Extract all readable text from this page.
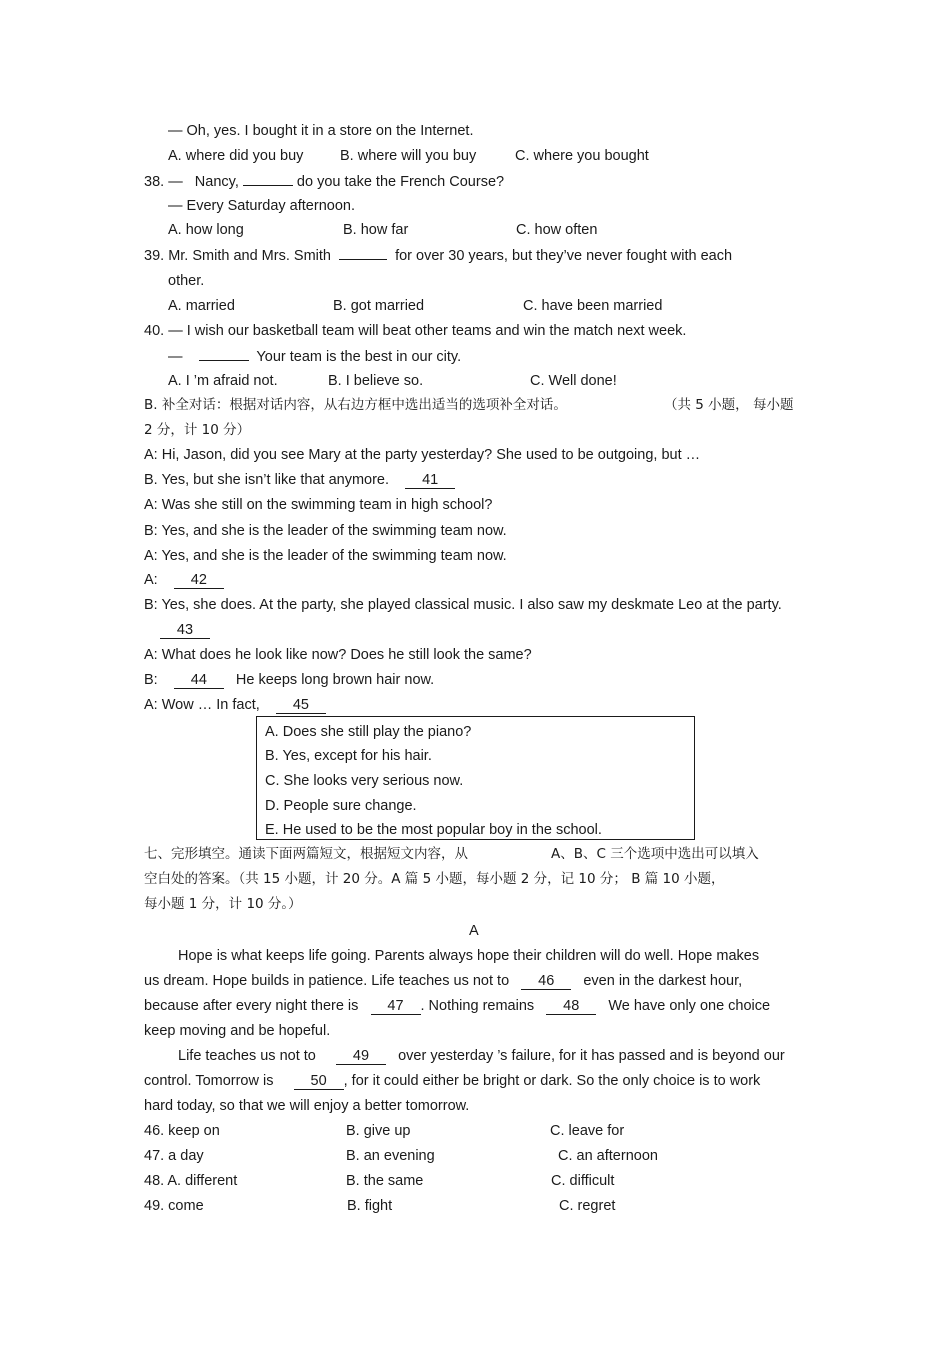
— Oh, yes. I bought it in a store on the Internet.
A. where did you buy	B. where will you buy	C. where you bought
38. — Nancy,	do you take the French Course?
— Every Saturday afternoon.
A. how long	B. how far	C. how often
39. Mr. Smith and Mrs. Smith	for over 30 years, but they’ve never fought with each
other.
A. married	B. got married	C. have been married
40. — I wish our basketball team will beat other teams and win the match next week.
—	Your team is the best in our city.
A. I ’m afraid not.	B. I believe so.	C. Well done!
B. 补全对话：根据对话内容，从右边方框中选出适当的选项补全对话。	（共 5 小题， 每小题
2 分，计 10 分）
A: Hi, Jason, did you see Mary at the party yesterday? She used to be outgoing, but …
B. Yes, but she isn’t like that anymore. 41
A: Was she still on the swimming team in high school?
B: Yes, and she is the leader of the swimming team now.
A: Yes, and she is the leader of the swimming team now.
A: 42
B: Yes, she does. At the party, she played classical music. I also saw my deskmate Leo at the party.
43
A: What does he look like now? Does he still look the same?
B: 44 He keeps long brown hair now.
A: Wow … In fact, 45
A. Does she still play the piano?
B. Yes, except for his hair.
C. She looks very serious now.
D. People sure change.
E. He used to be the most popular boy in the school.
七、完形填空。通读下面两篇短文，根据短文内容，从	A、B、C 三个选项中选出可以填入
空白处的答案。（共 15 小题，计 20 分。A 篇 5 小题，每小题 2 分，记 10 分； B 篇 10 小题，
每小题 1 分，计 10 分。）
A
Hope is what keeps life going. Parents always hope their children will do well. Hope makes
us dream. Hope builds in patience. Life teaches us not to 46 even in the darkest hour,
because after every night there is 47 . Nothing remains 48 We have only one choice
keep moving and be hopeful.
Life teaches us not to	49 over yesterday ’s failure, for it has passed and is beyond our
control. Tomorrow is	50 , for it could either be bright or dark. So the only choice is to work
hard today, so that we will enjoy a better tomorrow.
46. keep on	B. give up	C. leave for
47. a day	B. an evening	C. an afternoon
48. A. different	B. the same	C. difficult
49. come	B. fight	C. regret
